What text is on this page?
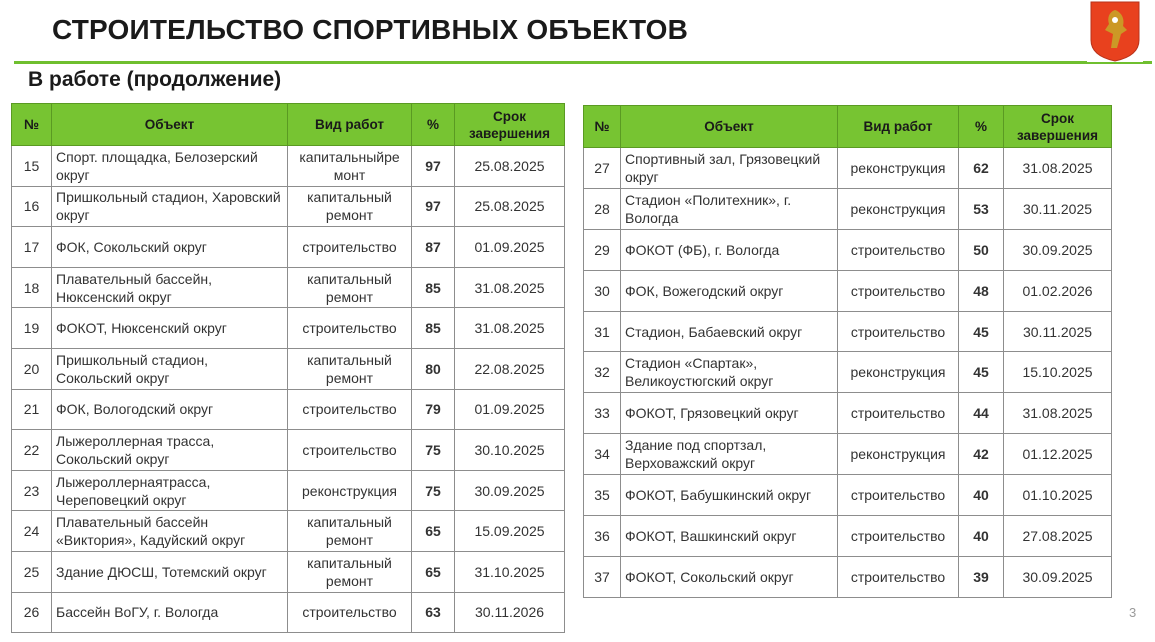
СТРОИТЕЛЬСТВО СПОРТИВНЫХ ОБЪЕКТОВ
В работе (продолжение)
№	Объект	Вид работ	%	Срок завершения
15	Спорт. площадка, Белозерский округ	капитальныйре монт	97	25.08.2025
16	Пришкольный стадион, Харовский округ	капитальный ремонт	97	25.08.2025
17	ФОК, Сокольский округ	строительство	87	01.09.2025
18	Плавательный бассейн, Нюксенский округ	капитальный ремонт	85	31.08.2025
19	ФОКОТ, Нюксенский округ	строительство	85	31.08.2025
20	Пришкольный стадион, Сокольский округ	капитальный ремонт	80	22.08.2025
21	ФОК, Вологодский округ	строительство	79	01.09.2025
22	Лыжероллерная трасса, Сокольский округ	строительство	75	30.10.2025
23	Лыжероллернаятрасса, Череповецкий округ	реконструкция	75	30.09.2025
24	Плавательный бассейн «Виктория», Кадуйский округ	капитальный ремонт	65	15.09.2025
25	Здание ДЮСШ, Тотемский округ	капитальный ремонт	65	31.10.2025
26	Бассейн ВоГУ, г. Вологда	строительство	63	30.11.2026
№	Объект	Вид работ	%	Срок завершения
27	Спортивный зал, Грязовецкий округ	реконструкция	62	31.08.2025
28	Стадион «Политехник», г. Вологда	реконструкция	53	30.11.2025
29	ФОКОТ (ФБ), г. Вологда	строительство	50	30.09.2025
30	ФОК, Вожегодский округ	строительство	48	01.02.2026
31	Стадион, Бабаевский округ	строительство	45	30.11.2025
32	Стадион «Спартак», Великоустюгский округ	реконструкция	45	15.10.2025
33	ФОКОТ, Грязовецкий округ	строительство	44	31.08.2025
34	Здание под спортзал, Верховажский округ	реконструкция	42	01.12.2025
35	ФОКОТ, Бабушкинский округ	строительство	40	01.10.2025
36	ФОКОТ, Вашкинский округ	строительство	40	27.08.2025
37	ФОКОТ, Сокольский округ	строительство	39	30.09.2025
3
